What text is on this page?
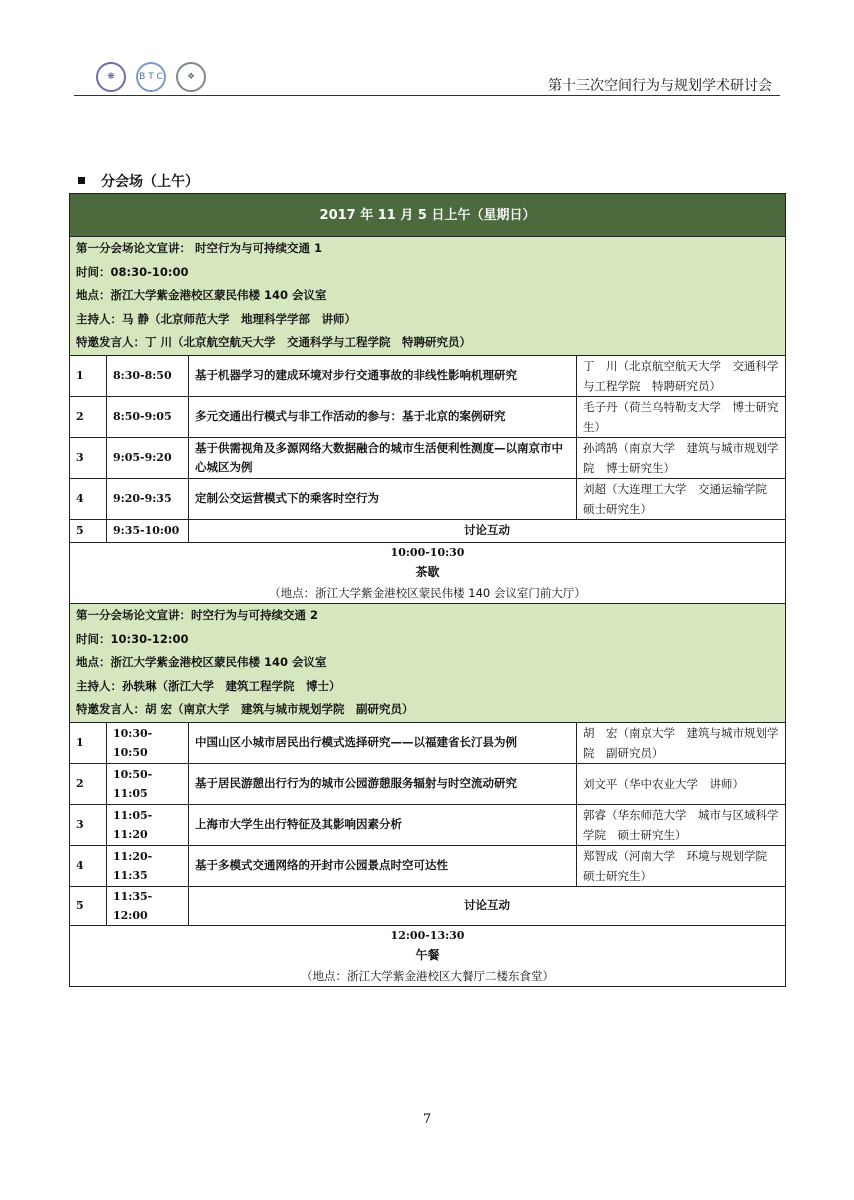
❋	B T C	❖
第十三次空间行为与规划学术研讨会
分会场（上午）
2017 年 11 月 5 日上午（星期日）			

第一分会场论文宣讲： 时空行为与可持续交通 1
时间：08:30-10:00
地点：浙江大学紫金港校区蒙民伟楼 140 会议室
主持人：马 静（北京师范大学　地理科学学部　讲师）
特邀发言人：丁 川（北京航空航天大学　交通科学与工程学院　特聘研究员）			

1	8:30-8:50	基于机器学习的建成环境对步行交通事故的非线性影响机理研究	丁　川（北京航空航天大学　交通科学与工程学院　特聘研究员）
2	8:50-9:05	多元交通出行模式与非工作活动的参与：基于北京的案例研究	毛子丹（荷兰乌特勒支大学　博士研究生）
3	9:05-9:20	基于供需视角及多源网络大数据融合的城市生活便利性测度—以南京市中心城区为例	孙鸿鹄（南京大学　建筑与城市规划学院　博士研究生）
4	9:20-9:35	定制公交运营模式下的乘客时空行为	刘超（大连理工大学　交通运输学院　硕士研究生）
5	9:35-10:00	讨论互动	

10:00-10:30
茶歇
（地点：浙江大学紫金港校区蒙民伟楼 140 会议室门前大厅）			

第一分会场论文宣讲：时空行为与可持续交通 2
时间：10:30-12:00
地点：浙江大学紫金港校区蒙民伟楼 140 会议室
主持人：孙轶琳（浙江大学　建筑工程学院　博士）
特邀发言人：胡 宏（南京大学　建筑与城市规划学院　副研究员）			

1	10:30-10:50	中国山区小城市居民出行模式选择研究——以福建省长汀县为例	胡　宏（南京大学　建筑与城市规划学院　副研究员）
2	10:50-11:05	基于居民游憩出行行为的城市公园游憩服务辐射与时空流动研究	刘文平（华中农业大学　讲师）
3	11:05-11:20	上海市大学生出行特征及其影响因素分析	郭睿（华东师范大学　城市与区域科学学院　硕士研究生）
4	11:20-11:35	基于多模式交通网络的开封市公园景点时空可达性	郑智成（河南大学　环境与规划学院　硕士研究生）
5	11:35-12:00	讨论互动	

12:00-13:30
午餐
（地点：浙江大学紫金港校区大餐厅二楼东食堂）			
7
